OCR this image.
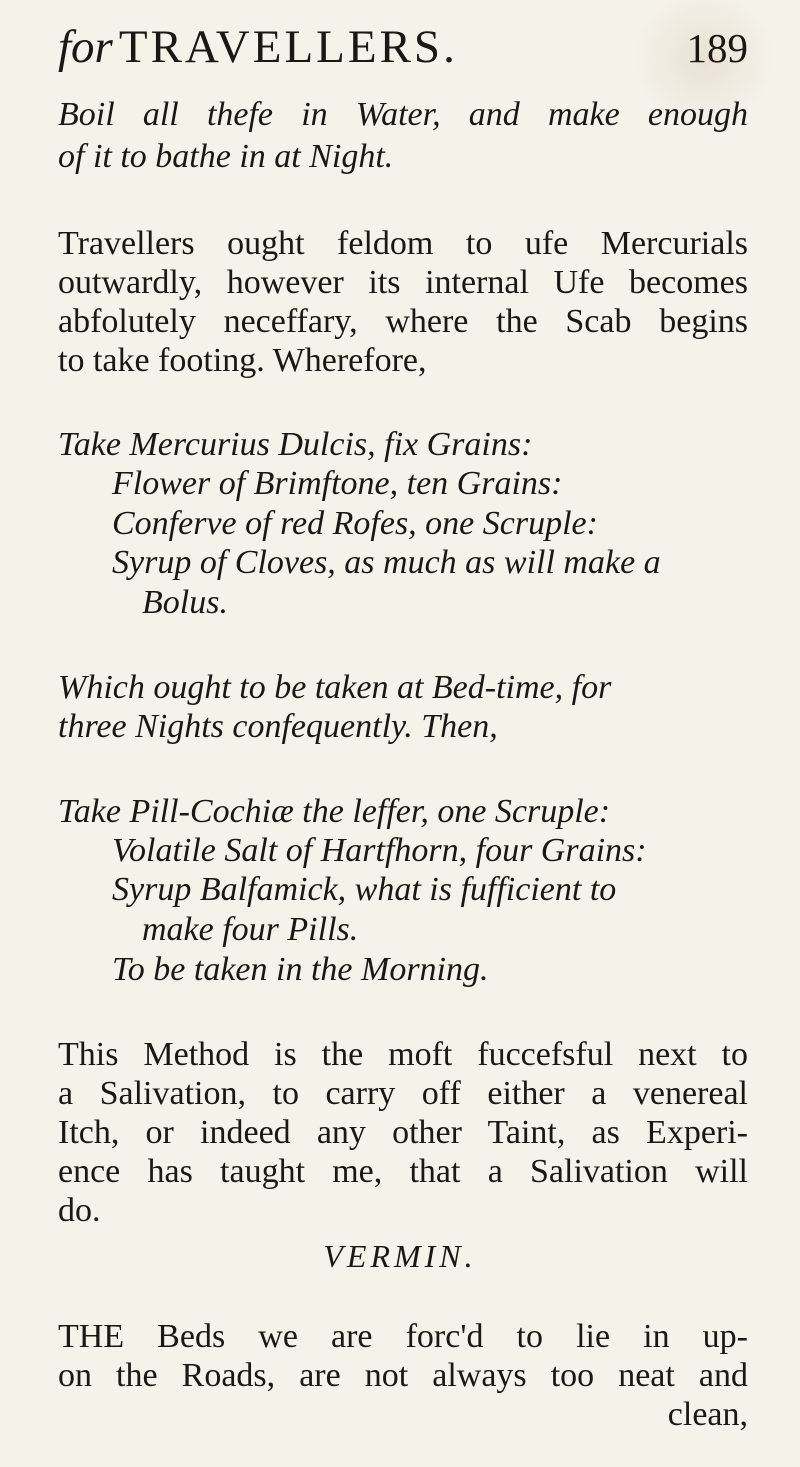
for TRAVELLERS.	189
Boil all thefe in Water, and make enough
of it to bathe in at Night.
Travellers ought feldom to ufe Mercurials
outwardly, however its internal Ufe becomes
abfolutely neceffary, where the Scab begins
to take footing. Wherefore,
Take Mercurius Dulcis, fix Grains:
Flower of Brimftone, ten Grains:
Conferve of red Rofes, one Scruple:
Syrup of Cloves, as much as will make a
Bolus.
Which ought to be taken at Bed-time, for
three Nights confequently. Then,
Take Pill-Cochiæ the leffer, one Scruple:
Volatile Salt of Hartfhorn, four Grains:
Syrup Balfamick, what is fufficient to
make four Pills.
To be taken in the Morning.
This Method is the moft fuccefsful next to
a Salivation, to carry off either a venereal
Itch, or indeed any other Taint, as Experi-
ence has taught me, that a Salivation will
do.
VERMIN.
THE Beds we are forc'd to lie in up-
on the Roads, are not always too neat and
clean,
